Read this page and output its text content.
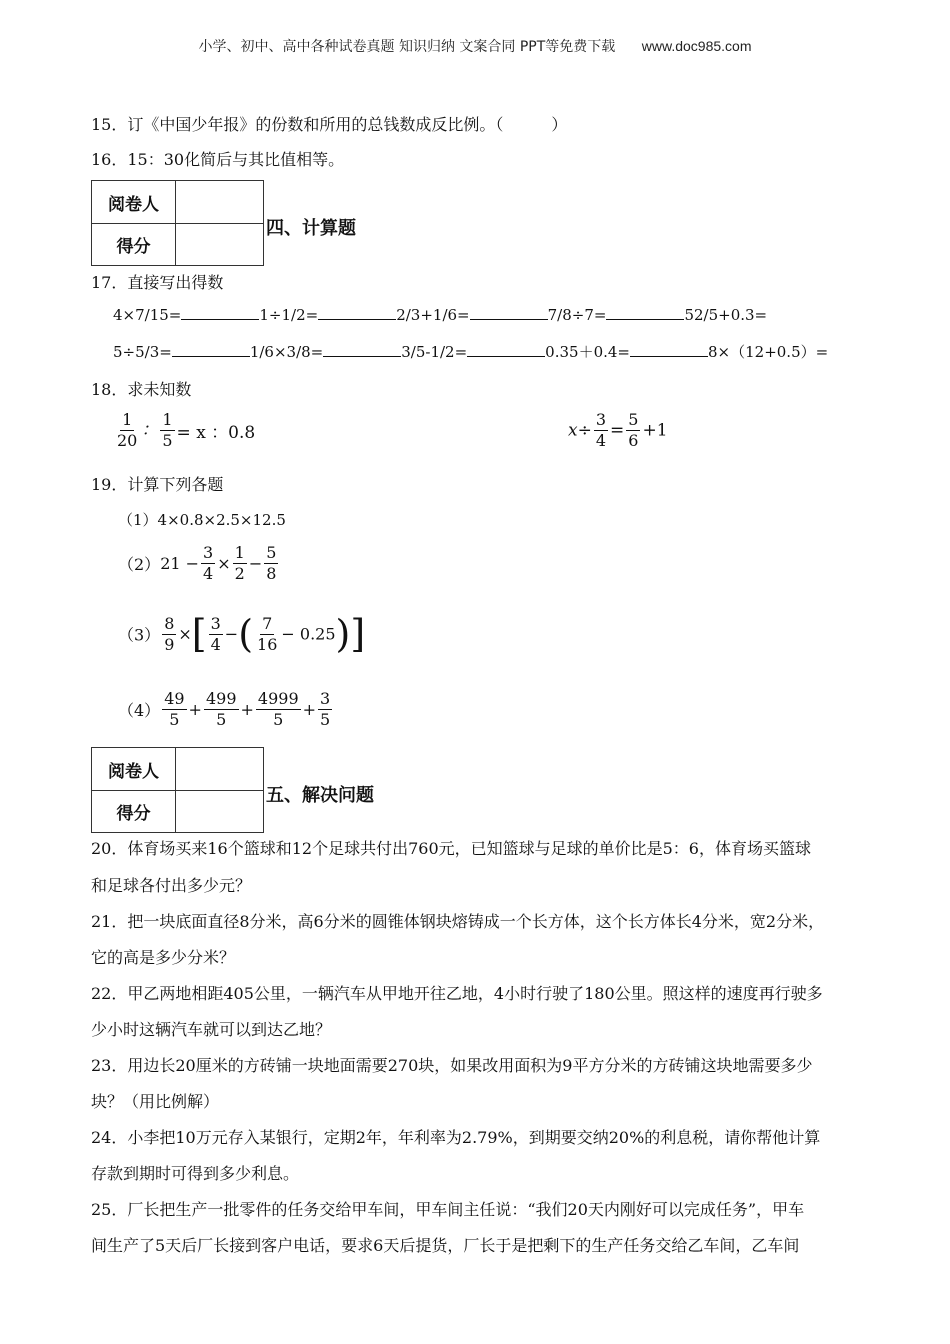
小学、初中、高中各种试卷真题 知识归纳 文案合同 PPT等免费下载 www.doc985.com
15．订《中国少年报》的份数和所用的总钱数成反比例。（　　　）
16．15：30化简后与其比值相等。
阅卷人
得分
四、计算题
17．直接写出得数
4×7/15=	1÷1/2=	2/3+1/6=	7/8÷7=	52/5+0.3=
5÷5/3=	1/6×3/8=	3/5-1/2=	0.35＋0.4=	8×（12+0.5）=
18．求未知数
$\frac{1}{20}$ ： $\frac{1}{5} = x$ ：0.8	$x\div \frac{3}{4} = \frac{5}{6} +1$
19．计算下列各题
（1）4×0.8×2.5×12.5
$(2)21 - \frac{3}{4} \times \frac{1}{2} - \frac{5}{8}$
$(3) \frac{8}{9}$ ×[ $\frac{3}{4}$ −( $\frac{7}{16} - 0.25$)]
$(4) \frac{49}{5} + \frac{499}{5} + \frac{4999}{5} + \frac{3}{5}$
阅卷人
得分
五、解决问题
20．体育场买来16个篮球和12个足球共付出760元，已知篮球与足球的单价比是5：6，体育场买篮球
和足球各付出多少元？
21．把一块底面直径8分米，高6分米的圆锥体钢块熔铸成一个长方体，这个长方体长4分米，宽2分米，
它的高是多少分米？
22．甲乙两地相距405公里，一辆汽车从甲地开往乙地，4小时行驶了180公里。照这样的速度再行驶多
少小时这辆汽车就可以到达乙地？
23．用边长20厘米的方砖铺一块地面需要270块，如果改用面积为9平方分米的方砖铺这块地需要多少
块？（用比例解）
24．小李把10万元存入某银行，定期2年，年利率为2.79%，到期要交纳20%的利息税，请你帮他计算
存款到期时可得到多少利息。
25．厂长把生产一批零件的任务交给甲车间，甲车间主任说：“我们20天内刚好可以完成任务”，甲车
间生产了5天后厂长接到客户电话，要求6天后提货，厂长于是把剩下的生产任务交给乙车间，乙车间
